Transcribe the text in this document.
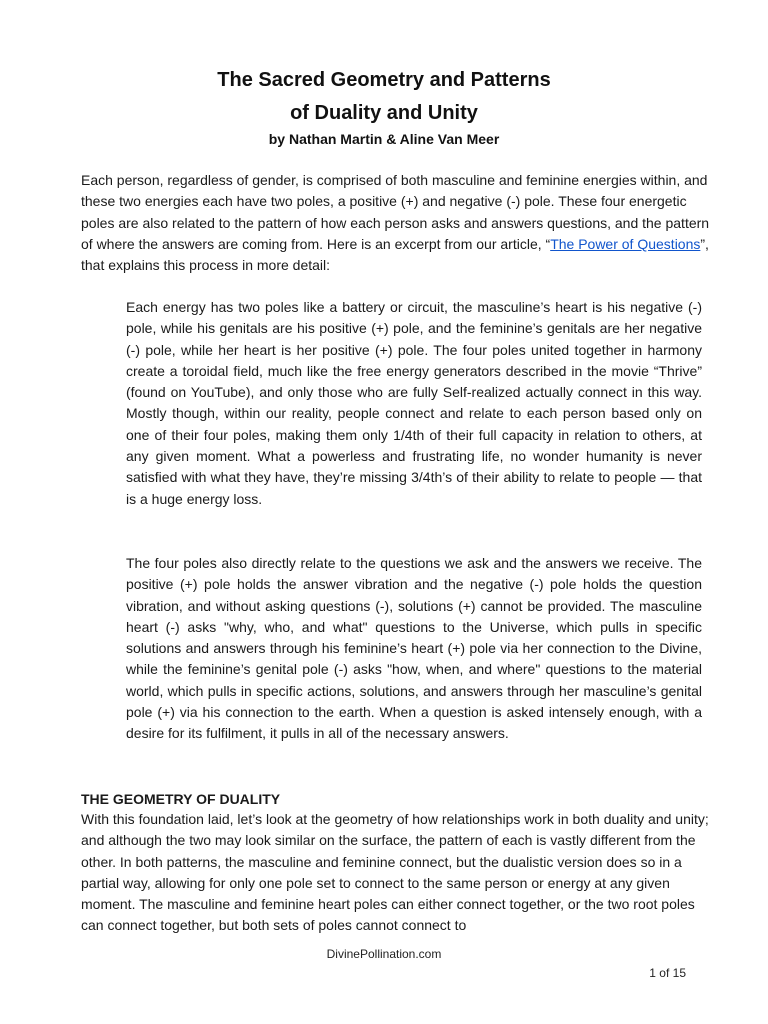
The Sacred Geometry and Patterns
of Duality and Unity
by Nathan Martin & Aline Van Meer

Each person, regardless of gender, is comprised of both masculine and feminine energies within, and these two energies each have two poles, a positive (+) and negative (-) pole. These four energetic poles are also related to the pattern of how each person asks and answers questions, and the pattern of where the answers are coming from. Here is an excerpt from our article, “The Power of Questions”, that explains this process in more detail:

Each energy has two poles like a battery or circuit, the masculine’s heart is his negative (-) pole, while his genitals are his positive (+) pole, and the feminine’s genitals are her negative (-) pole, while her heart is her positive (+) pole. The four poles united together in harmony create a toroidal field, much like the free energy generators described in the movie “Thrive” (found on YouTube), and only those who are fully Self-realized actually connect in this way. Mostly though, within our reality, people connect and relate to each person based only on one of their four poles, making them only 1/4th of their full capacity in relation to others, at any given moment. What a powerless and frustrating life, no wonder humanity is never satisfied with what they have, they’re missing 3/4th’s of their ability to relate to people — that is a huge energy loss.

The four poles also directly relate to the questions we ask and the answers we receive. The positive (+) pole holds the answer vibration and the negative (-) pole holds the question vibration, and without asking questions (-), solutions (+) cannot be provided. The masculine heart (-) asks "why, who, and what" questions to the Universe, which pulls in specific solutions and answers through his feminine’s heart (+) pole via her connection to the Divine, while the feminine’s genital pole (-) asks "how, when, and where" questions to the material world, which pulls in specific actions, solutions, and answers through her masculine’s genital pole (+) via his connection to the earth. When a question is asked intensely enough, with a desire for its fulfilment, it pulls in all of the necessary answers.

THE GEOMETRY OF DUALITY

With this foundation laid, let’s look at the geometry of how relationships work in both duality and unity; and although the two may look similar on the surface, the pattern of each is vastly different from the other. In both patterns, the masculine and feminine connect, but the dualistic version does so in a partial way, allowing for only one pole set to connect to the same person or energy at any given moment. The masculine and feminine heart poles can either connect together, or the two root poles can connect together, but both sets of poles cannot connect to

DivinePollination.com
1 of 15
